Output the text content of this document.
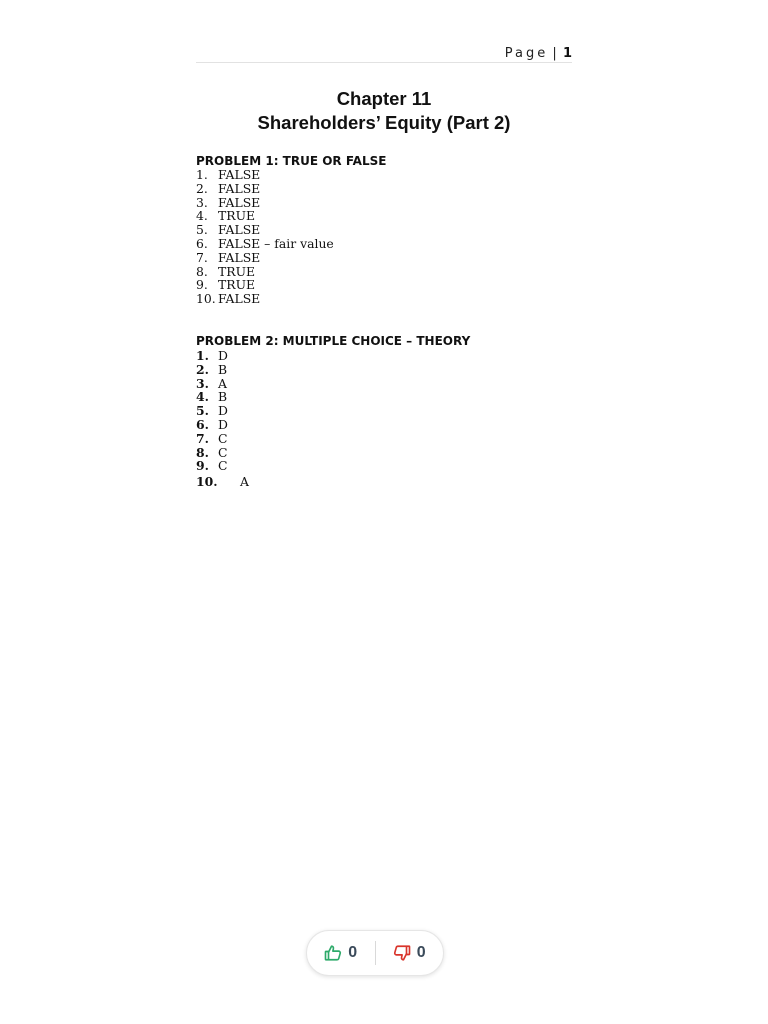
Page | 1
Chapter 11
Shareholders’ Equity (Part 2)
PROBLEM 1: TRUE OR FALSE
1. FALSE
2. FALSE
3. FALSE
4. TRUE
5. FALSE
6. FALSE – fair value
7. FALSE
8. TRUE
9. TRUE
10. FALSE
PROBLEM 2: MULTIPLE CHOICE – THEORY
1. D
2. B
3. A
4. B
5. D
6. D
7. C
8. C
9. C
10. A
0	0
